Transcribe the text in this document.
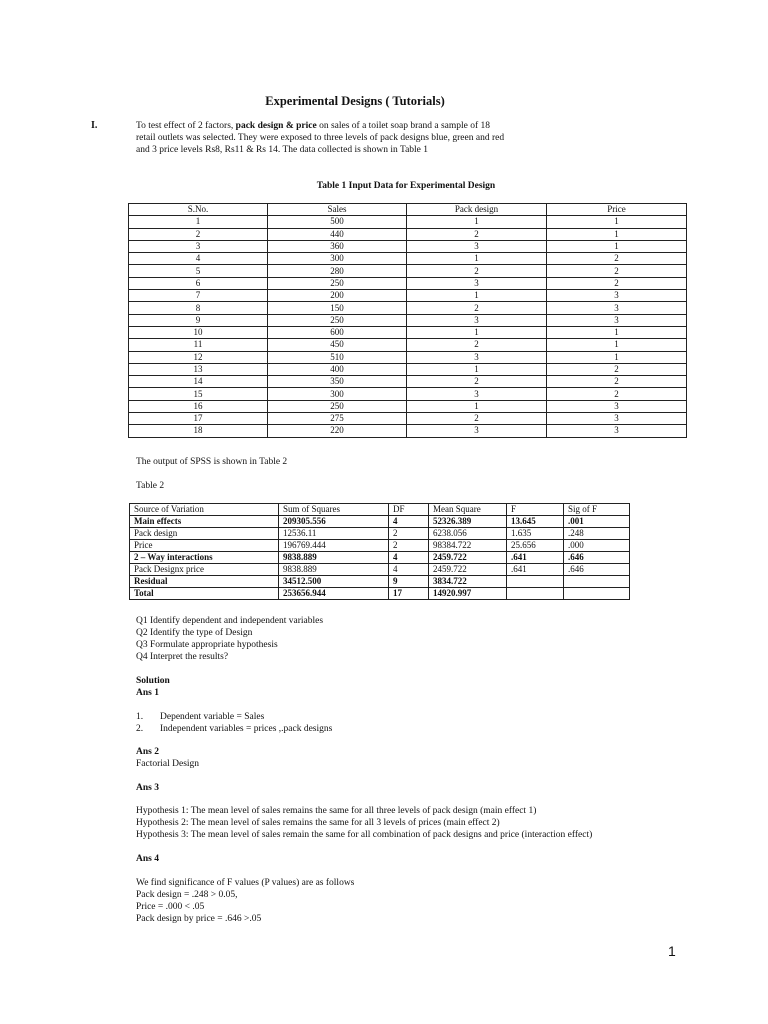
Experimental Designs ( Tutorials)
I.	To test effect of 2 factors, pack design & price on sales of a toilet soap brand a sample of 18 retail outlets was selected. They were exposed to three levels of pack designs blue, green and red and 3 price levels Rs8, Rs11 & Rs 14. The data collected is shown in Table 1
Table 1 Input Data for Experimental Design
S.No.	Sales	Pack design	Price
1	500	1	1
2	440	2	1
3	360	3	1
4	300	1	2
5	280	2	2
6	250	3	2
7	200	1	3
8	150	2	3
9	250	3	3
10	600	1	1
11	450	2	1
12	510	3	1
13	400	1	2
14	350	2	2
15	300	3	2
16	250	1	3
17	275	2	3
18	220	3	3
The output of SPSS is shown in Table 2
Table 2
Source of Variation	Sum of Squares	DF	Mean Square	F	Sig of F
Main effects	209305.556	4	52326.389	13.645	.001
Pack design	12536.11	2	6238.056	1.635	.248
Price	196769.444	2	98384.722	25.656	.000
2 – Way interactions	9838.889	4	2459.722	.641	.646
Pack Designx price	9838.889	4	2459.722	.641	.646
Residual	34512.500	9	3834.722		
Total	253656.944	17	14920.997		
Q1 Identify dependent and independent variables
Q2 Identify the type of Design
Q3 Formulate appropriate hypothesis
Q4 Interpret the results?
Solution
Ans 1
1. Dependent variable = Sales
2. Independent variables = prices ,.pack designs
Ans 2
Factorial Design
Ans 3
Hypothesis 1: The mean level of sales remains the same for all three levels of pack design (main effect 1)
Hypothesis 2: The mean level of sales remains the same for all 3 levels of prices (main effect 2)
Hypothesis 3: The mean level of sales remain the same for all combination of pack designs and price (interaction effect)
Ans 4
We find significance of F values (P values) are as follows
Pack design = .248 > 0.05,
Price = .000 < .05
Pack design by price = .646 >.05
1
